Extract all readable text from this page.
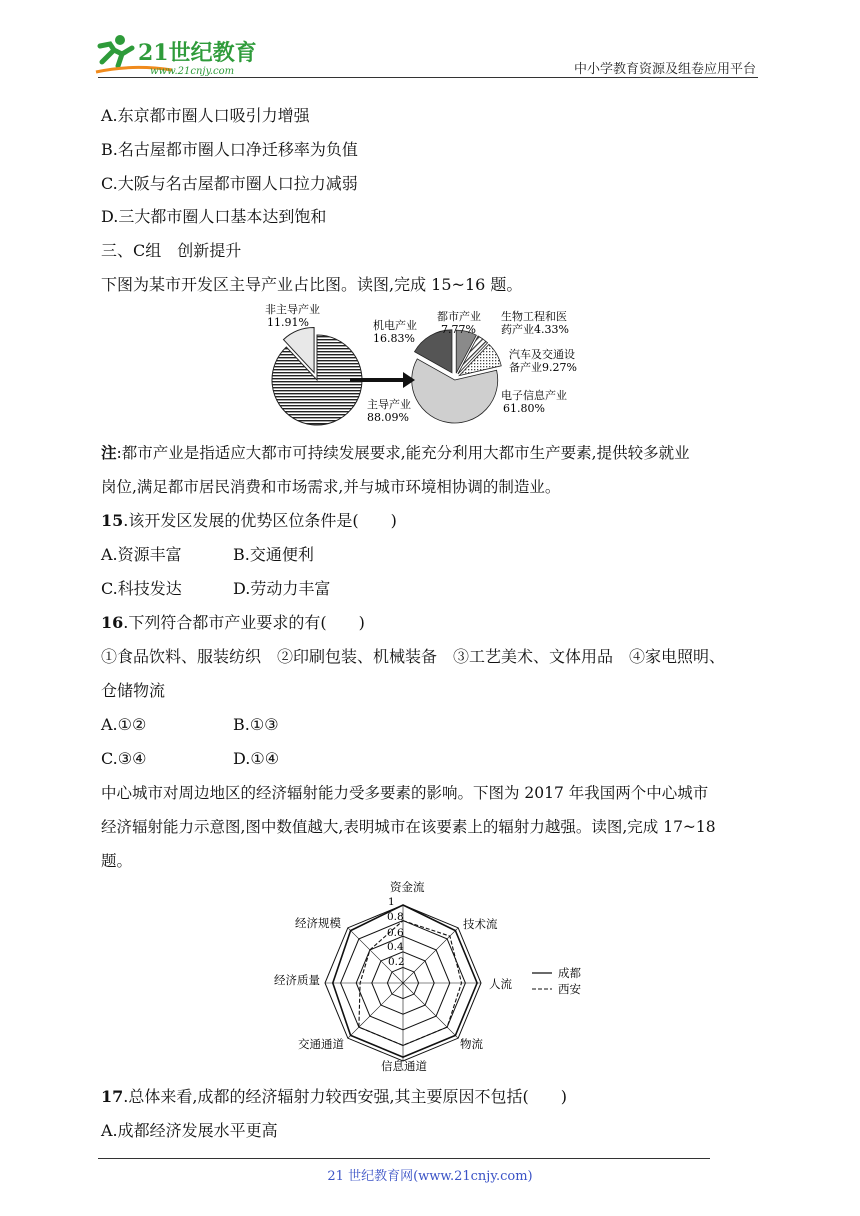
21世纪教育
www.21cnjy.com	中小学教育资源及组卷应用平台
A.东京都市圈人口吸引力增强
B.名古屋都市圈人口净迁移率为负值
C.大阪与名古屋都市圈人口拉力减弱
D.三大都市圈人口基本达到饱和
三、C组　创新提升
下图为某市开发区主导产业占比图。读图,完成 15~16 题。
非主导产业
11.91%
主导产业
88.09%
机电产业
16.83%
都市产业
7.77%
生物工程和医
药产业4.33%
汽车及交通设
备产业9.27%
电子信息产业
61.80%
注:都市产业是指适应大都市可持续发展要求,能充分利用大都市生产要素,提供较多就业
岗位,满足都市居民消费和市场需求,并与城市环境相协调的制造业。
15.该开发区发展的优势区位条件是(　　)
A.资源丰富	B.交通便利
C.科技发达	D.劳动力丰富
16.下列符合都市产业要求的有(　　)
①食品饮料、服装纺织　②印刷包装、机械装备　③工艺美术、文体用品　④家电照明、
仓储物流
A.①②	B.①③
C.③④	D.①④
中心城市对周边地区的经济辐射能力受多要素的影响。下图为 2017 年我国两个中心城市
经济辐射能力示意图,图中数值越大,表明城市在该要素上的辐射力越强。读图,完成 17~18
题。
资金流
技术流
人流
物流
信息通道
交通通道
经济质量
经济规模
1
0.8
0.6
0.4
0.2
成都
西安
17.总体来看,成都的经济辐射力较西安强,其主要原因不包括(　　)
A.成都经济发展水平更高
21 世纪教育网(www.21cnjy.com)
